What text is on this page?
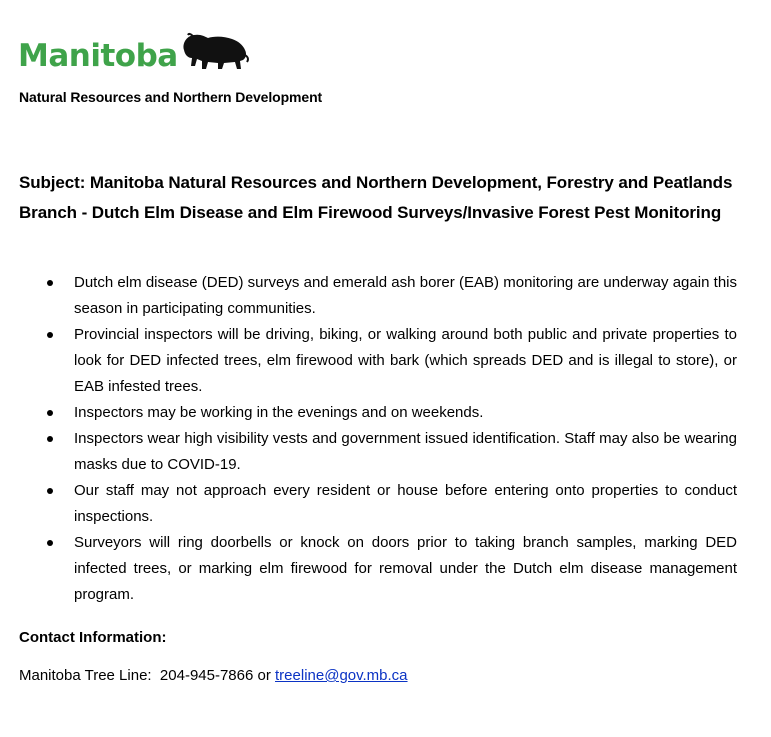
Manitoba
Natural Resources and Northern Development
Subject: Manitoba Natural Resources and Northern Development, Forestry and Peatlands Branch - Dutch Elm Disease and Elm Firewood Surveys/Invasive Forest Pest Monitoring
Dutch elm disease (DED) surveys and emerald ash borer (EAB) monitoring are underway again this season in participating communities.
Provincial inspectors will be driving, biking, or walking around both public and private properties to look for DED infected trees, elm firewood with bark (which spreads DED and is illegal to store), or EAB infested trees.
Inspectors may be working in the evenings and on weekends.
Inspectors wear high visibility vests and government issued identification. Staff may also be wearing masks due to COVID-19.
Our staff may not approach every resident or house before entering onto properties to conduct inspections.
Surveyors will ring doorbells or knock on doors prior to taking branch samples, marking DED infected trees, or marking elm firewood for removal under the Dutch elm disease management program.
Contact Information:
Manitoba Tree Line:  204-945-7866 or treeline@gov.mb.ca
